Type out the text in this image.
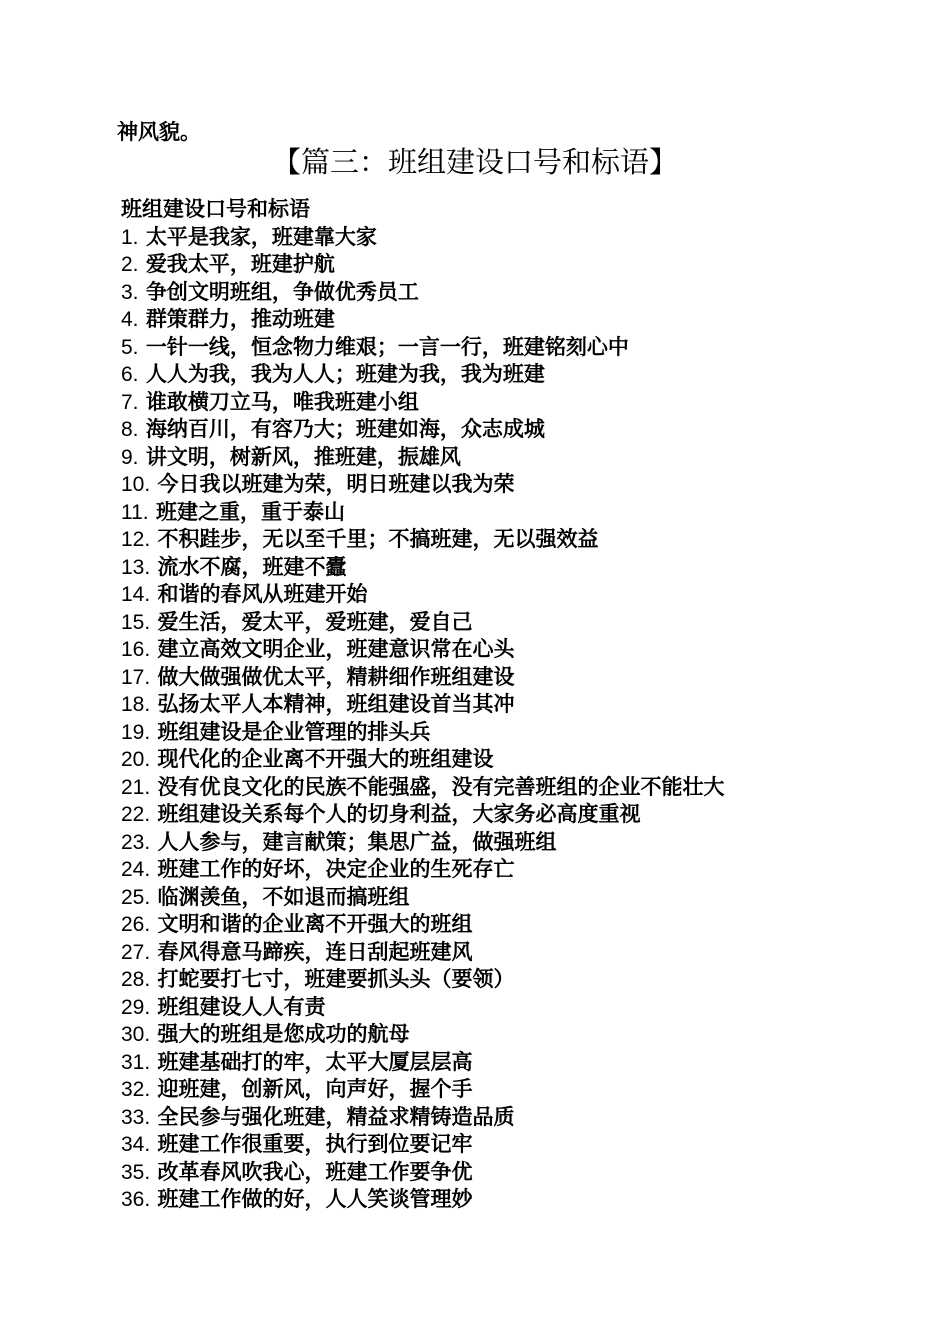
神风貌。
【篇三：班组建设口号和标语】
班组建设口号和标语
1. 太平是我家，班建靠大家
2. 爱我太平，班建护航
3. 争创文明班组，争做优秀员工
4. 群策群力，推动班建
5. 一针一线，恒念物力维艰；一言一行，班建铭刻心中
6. 人人为我，我为人人；班建为我，我为班建
7. 谁敢横刀立马，唯我班建小组
8. 海纳百川，有容乃大；班建如海，众志成城
9. 讲文明，树新风，推班建，振雄风
10. 今日我以班建为荣，明日班建以我为荣
11. 班建之重，重于泰山
12. 不积跬步，无以至千里；不搞班建，无以强效益
13. 流水不腐，班建不蠹
14. 和谐的春风从班建开始
15. 爱生活，爱太平，爱班建，爱自己
16. 建立高效文明企业，班建意识常在心头
17. 做大做强做优太平，精耕细作班组建设
18. 弘扬太平人本精神，班组建设首当其冲
19. 班组建设是企业管理的排头兵
20. 现代化的企业离不开强大的班组建设
21. 没有优良文化的民族不能强盛，没有完善班组的企业不能壮大
22. 班组建设关系每个人的切身利益，大家务必高度重视
23. 人人参与，建言献策；集思广益，做强班组
24. 班建工作的好坏，决定企业的生死存亡
25. 临渊羡鱼，不如退而搞班组
26. 文明和谐的企业离不开强大的班组
27. 春风得意马蹄疾，连日刮起班建风
28. 打蛇要打七寸，班建要抓头头（要领）
29. 班组建设人人有责
30. 强大的班组是您成功的航母
31. 班建基础打的牢，太平大厦层层高
32. 迎班建，创新风，向声好，握个手
33. 全民参与强化班建，精益求精铸造品质
34. 班建工作很重要，执行到位要记牢
35. 改革春风吹我心，班建工作要争优
36. 班建工作做的好，人人笑谈管理妙
